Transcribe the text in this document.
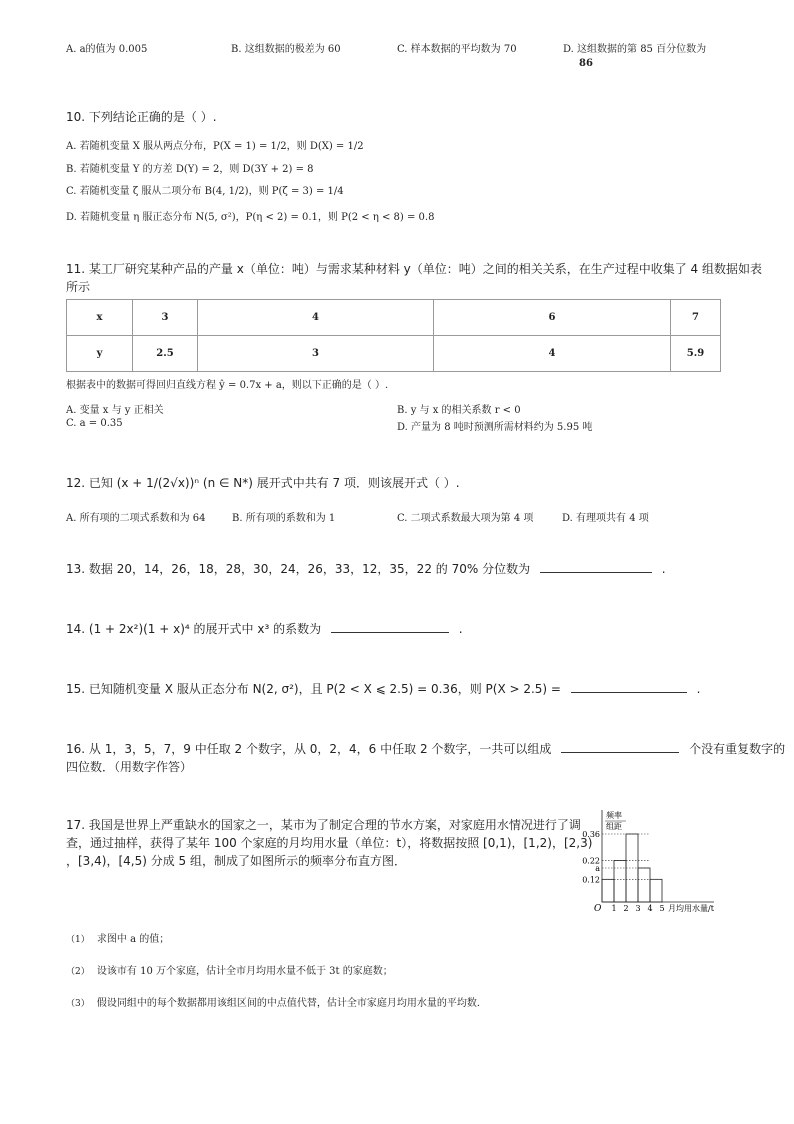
A. a的值为 0.005	B. 这组数据的极差为 60	C. 样本数据的平均数为 70	D. 这组数据的第 85 百分位数为
86
10. 下列结论正确的是（ ）.
A. 若随机变量 X 服从两点分布，P(X = 1) = 1/2，则 D(X) = 1/2
B. 若随机变量 Y 的方差 D(Y) = 2，则 D(3Y + 2) = 8
C. 若随机变量 ζ 服从二项分布 B(4, 1/2)，则 P(ζ = 3) = 1/4
D. 若随机变量 η 服正态分布 N(5, σ²)，P(η < 2) = 0.1，则 P(2 < η < 8) = 0.8
11. 某工厂研究某种产品的产量 x（单位：吨）与需求某种材料 y（单位：吨）之间的相关关系，在生产过程中收集了 4 组数据如表
所示
x	3	4	6	7
y	2.5	3	4	5.9
根据表中的数据可得回归直线方程 ŷ = 0.7x + a，则以下正确的是（ ）.
A. 变量 x 与 y 正相关	B. y 与 x 的相关系数 r < 0
C. a = 0.35	D. 产量为 8 吨时预测所需材料约为 5.95 吨
12. 已知 (x + 1/(2√x))ⁿ (n ∈ N*) 展开式中共有 7 项．则该展开式（ ）.
A. 所有项的二项式系数和为 64	B. 所有项的系数和为 1	C. 二项式系数最大项为第 4 项	D. 有理项共有 4 项
13. 数据 20，14，26，18，28，30，24，26，33，12，35，22 的 70% 分位数为	.
14. (1 + 2x²)(1 + x)⁴ 的展开式中 x³ 的系数为	.
15. 已知随机变量 X 服从正态分布 N(2, σ²)，且 P(2 < X ⩽ 2.5) = 0.36，则 P(X > 2.5) =	.
16. 从 1，3，5，7，9 中任取 2 个数字，从 0，2，4，6 中任取 2 个数字，一共可以组成	个没有重复数字的
四位数．（用数字作答）
17. 我国是世界上严重缺水的国家之一，某市为了制定合理的节水方案，对家庭用水情况进行了调
查，通过抽样，获得了某年 100 个家庭的月均用水量（单位：t），将数据按照 [0,1)，[1,2)，[2,3)
，[3,4)，[4,5) 分成 5 组，制成了如图所示的频率分布直方图．
0.36
0.22
a
0.12
1 2 3 4 5
O	月均用水量/t
频率
组距
（1） 求图中 a 的值；
（2） 设该市有 10 万个家庭，估计全市月均用水量不低于 3t 的家庭数；
（3） 假设同组中的每个数据都用该组区间的中点值代替，估计全市家庭月均用水量的平均数．
